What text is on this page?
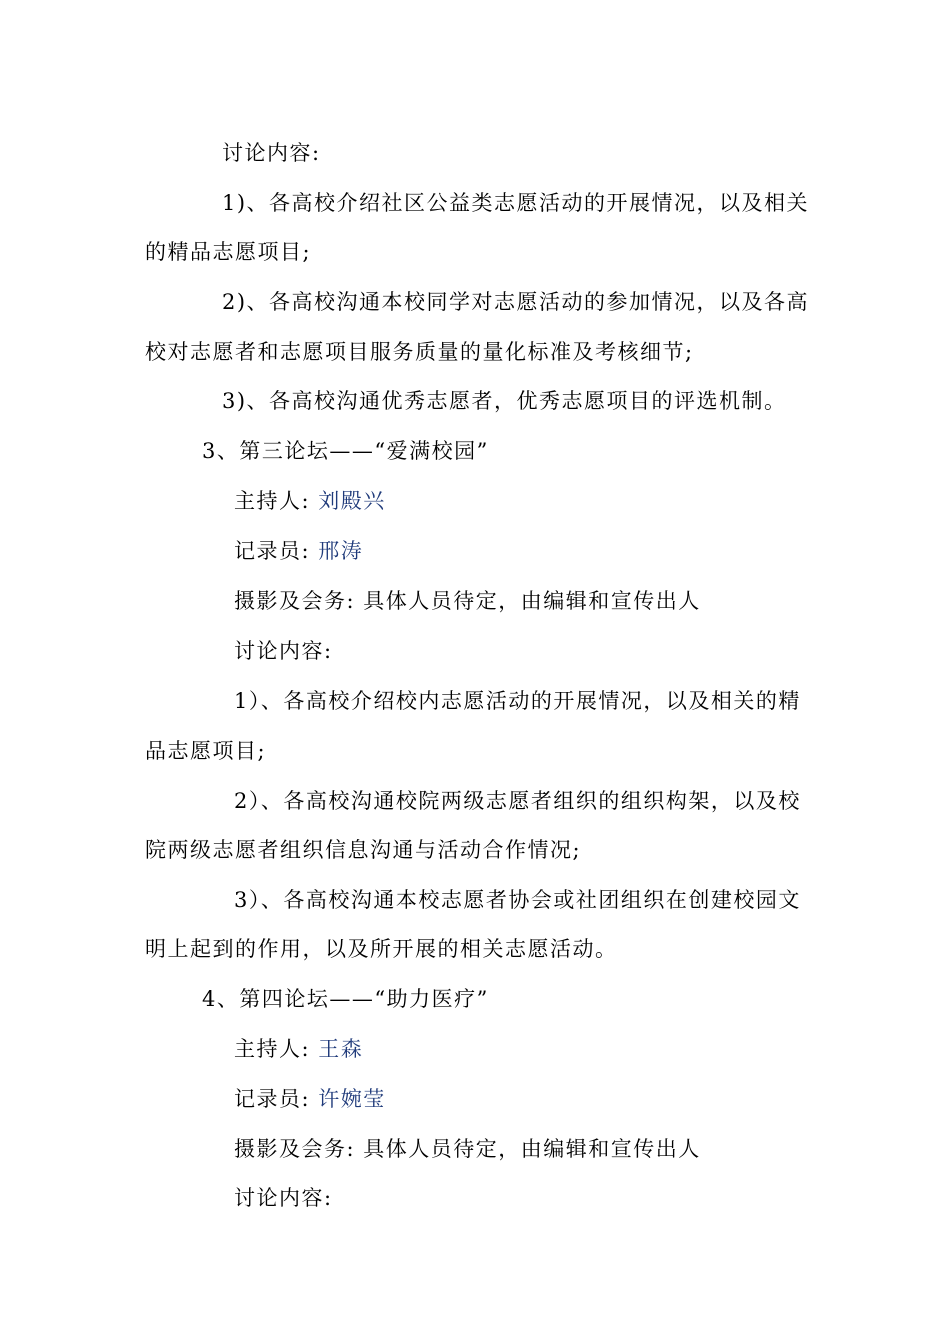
讨论内容:
1)、各高校介绍社区公益类志愿活动的开展情况，以及相关
的精品志愿项目;
2)、各高校沟通本校同学对志愿活动的参加情况，以及各高
校对志愿者和志愿项目服务质量的量化标准及考核细节;
3)、各高校沟通优秀志愿者，优秀志愿项目的评选机制。
3、第三论坛——“爱满校园”
主持人: 刘殿兴
记录员: 邢涛
摄影及会务: 具体人员待定，由编辑和宣传出人
讨论内容:
1）、各高校介绍校内志愿活动的开展情况，以及相关的精
品志愿项目;
2）、各高校沟通校院两级志愿者组织的组织构架，以及校
院两级志愿者组织信息沟通与活动合作情况;
3）、各高校沟通本校志愿者协会或社团组织在创建校园文
明上起到的作用，以及所开展的相关志愿活动。
4、第四论坛——“助力医疗”
主持人: 王森
记录员: 许婉莹
摄影及会务: 具体人员待定，由编辑和宣传出人
讨论内容:
